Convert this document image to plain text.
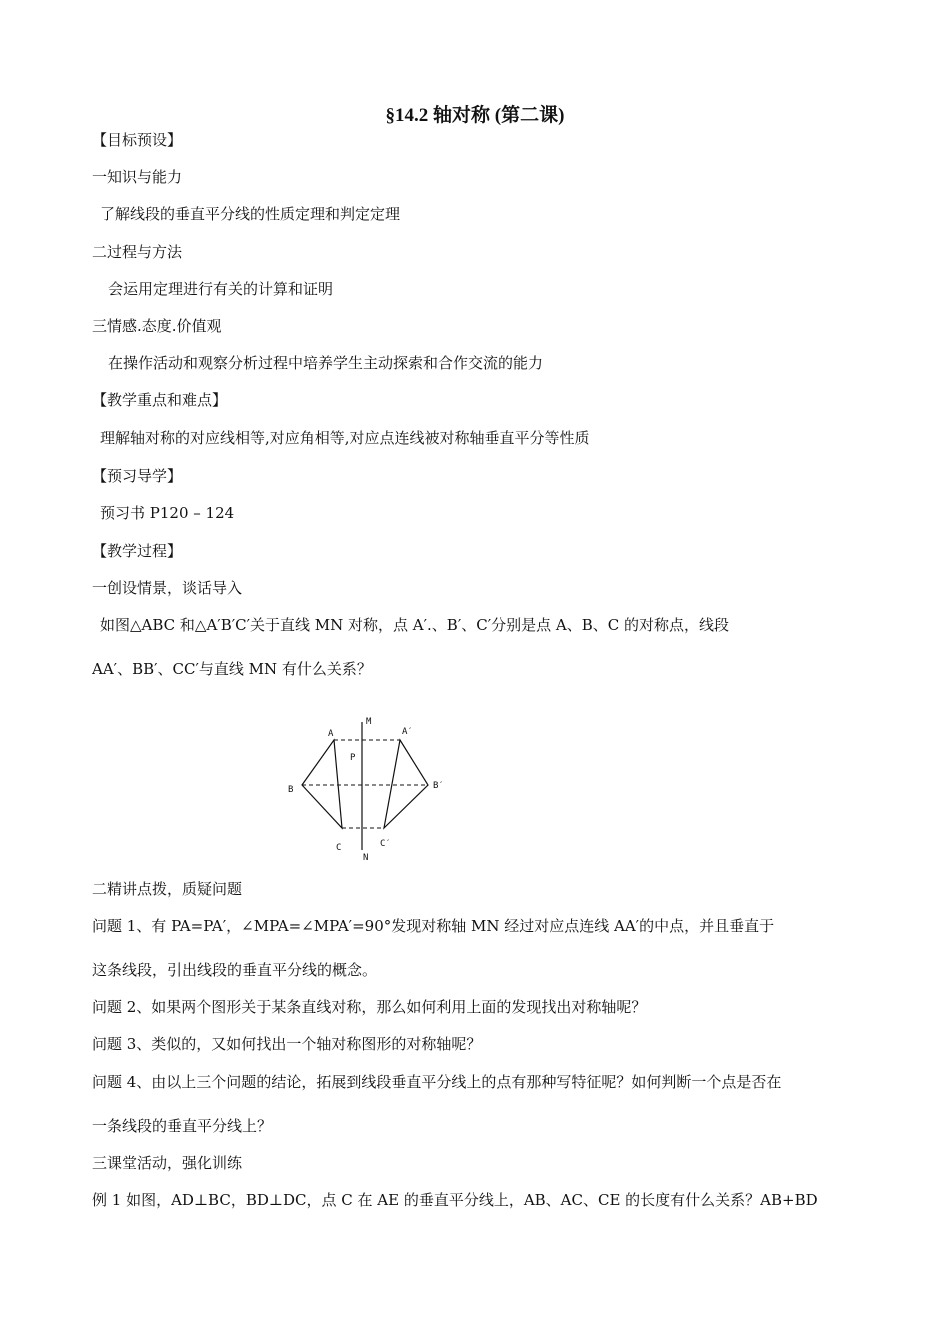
§14.2 轴对称 (第二课)
【目标预设】
一知识与能力
了解线段的垂直平分线的性质定理和判定定理
二过程与方法
会运用定理进行有关的计算和证明
三情感.态度.价值观
在操作活动和观察分析过程中培养学生主动探索和合作交流的能力
【教学重点和难点】
理解轴对称的对应线相等,对应角相等,对应点连线被对称轴垂直平分等性质
【预习导学】
预习书 P120 – 124
【教学过程】
一创设情景，谈话导入
如图△ABC 和△A′B′C′关于直线 MN 对称，点 A′.、B′、C′分别是点 A、B、C 的对称点，线段
AA′、BB′、CC′与直线 MN 有什么关系？
A	A′
B	B′
C	C′
M
N
P
二精讲点拨，质疑问题
问题 1、有 PA=PA′，∠MPA=∠MPA′=90°发现对称轴 MN 经过对应点连线 AA′的中点，并且垂直于
这条线段，引出线段的垂直平分线的概念。
问题 2、如果两个图形关于某条直线对称，那么如何利用上面的发现找出对称轴呢？
问题 3、类似的，又如何找出一个轴对称图形的对称轴呢？
问题 4、由以上三个问题的结论，拓展到线段垂直平分线上的点有那种写特征呢？如何判断一个点是否在
一条线段的垂直平分线上？
三课堂活动，强化训练
例 1 如图，AD⊥BC，BD⊥DC，点 C 在 AE 的垂直平分线上，AB、AC、CE 的长度有什么关系？AB+BD
